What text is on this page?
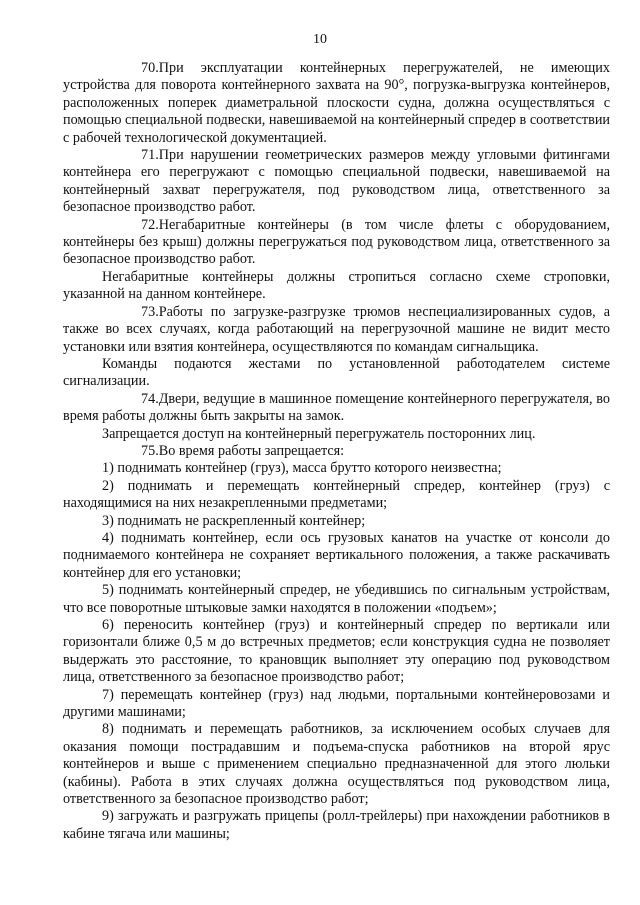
10

70.При эксплуатации контейнерных перегружателей, не имеющих устройства для поворота контейнерного захвата на 90°, погрузка-выгрузка контейнеров, расположенных поперек диаметральной плоскости судна, должна осуществляться с помощью специальной подвески, навешиваемой на контейнерный спредер в соответствии с рабочей технологической документацией.

71.При нарушении геометрических размеров между угловыми фитингами контейнера его перегружают с помощью специальной подвески, навешиваемой на контейнерный захват перегружателя, под руководством лица, ответственного за безопасное производство работ.

72.Негабаритные контейнеры (в том числе флеты с оборудованием, контейнеры без крыш) должны перегружаться под руководством лица, ответственного за безопасное производство работ.

Негабаритные контейнеры должны стропиться согласно схеме строповки, указанной на данном контейнере.

73.Работы по загрузке-разгрузке трюмов неспециализированных судов, а также во всех случаях, когда работающий на перегрузочной машине не видит место установки или взятия контейнера, осуществляются по командам сигнальщика.

Команды подаются жестами по установленной работодателем системе сигнализации.

74.Двери, ведущие в машинное помещение контейнерного перегружателя, во время работы должны быть закрыты на замок.

Запрещается доступ на контейнерный перегружатель посторонних лиц.

75.Во время работы запрещается:

1) поднимать контейнер (груз), масса брутто которого неизвестна;

2) поднимать и перемещать контейнерный спредер, контейнер (груз) с находящимися на них незакрепленными предметами;

3) поднимать не раскрепленный контейнер;

4) поднимать контейнер, если ось грузовых канатов на участке от консоли до поднимаемого контейнера не сохраняет вертикального положения, а также раскачивать контейнер для его установки;

5) поднимать контейнерный спредер, не убедившись по сигнальным устройствам, что все поворотные штыковые замки находятся в положении «подъем»;

6) переносить контейнер (груз) и контейнерный спредер по вертикали или горизонтали ближе 0,5 м до встречных предметов; если конструкция судна не позволяет выдержать это расстояние, то крановщик выполняет эту операцию под руководством лица, ответственного за безопасное производство работ;

7) перемещать контейнер (груз) над людьми, портальными контейнеровозами и другими машинами;

8) поднимать и перемещать работников, за исключением особых случаев для оказания помощи пострадавшим и подъема-спуска работников на второй ярус контейнеров и выше с применением специально предназначенной для этого люльки (кабины). Работа в этих случаях должна осуществляться под руководством лица, ответственного за безопасное производство работ;

9) загружать и разгружать прицепы (ролл-трейлеры) при нахождении работников в кабине тягача или машины;
